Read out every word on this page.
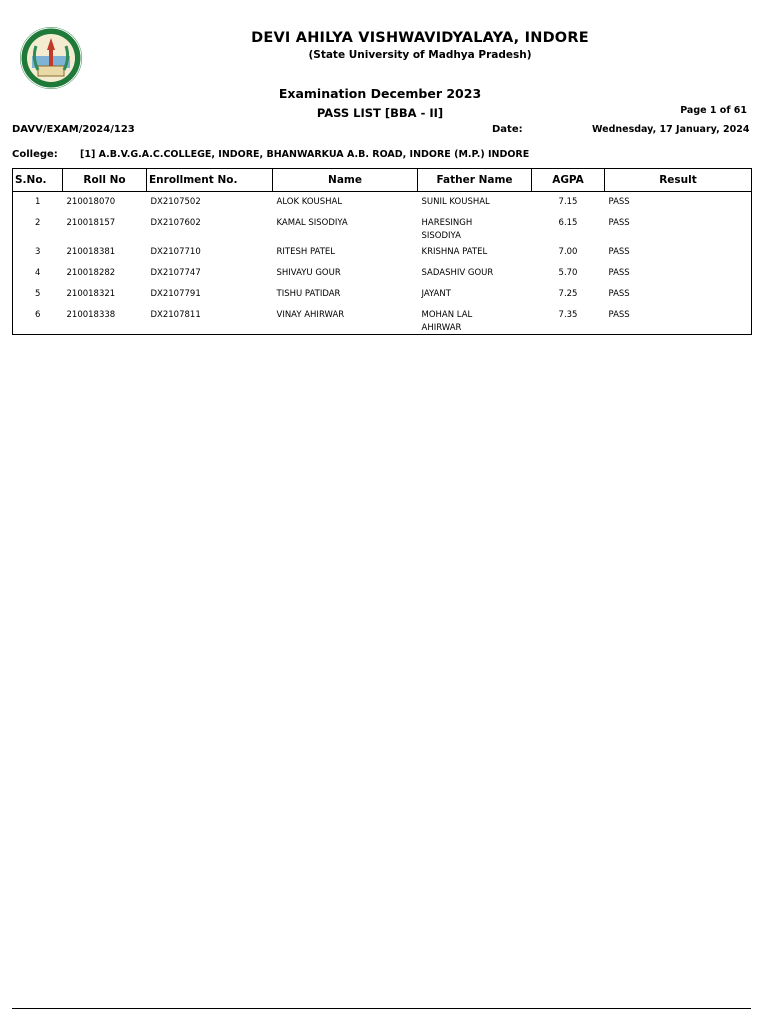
DEVI AHILYA VISHWAVIDYALAYA, INDORE
(State University of Madhya Pradesh)
Examination December 2023
PASS LIST [BBA - II]	Page 1 of 61
DAVV/EXAM/2024/123	Date:	Wednesday, 17 January, 2024
College: [1] A.B.V.G.A.C.COLLEGE, INDORE, BHANWARKUA A.B. ROAD, INDORE (M.P.) INDORE
S.No.	Roll No	Enrollment No.	Name	Father Name	AGPA	Result
1	210018070	DX2107502	ALOK KOUSHAL	SUNIL KOUSHAL	7.15	PASS
2	210018157	DX2107602	KAMAL SISODIYA	HARESINGH SISODIYA	6.15	PASS
3	210018381	DX2107710	RITESH PATEL	KRISHNA PATEL	7.00	PASS
4	210018282	DX2107747	SHIVAYU GOUR	SADASHIV GOUR	5.70	PASS
5	210018321	DX2107791	TISHU PATIDAR	JAYANT	7.25	PASS
6	210018338	DX2107811	VINAY AHIRWAR	MOHAN LAL AHIRWAR	7.35	PASS
